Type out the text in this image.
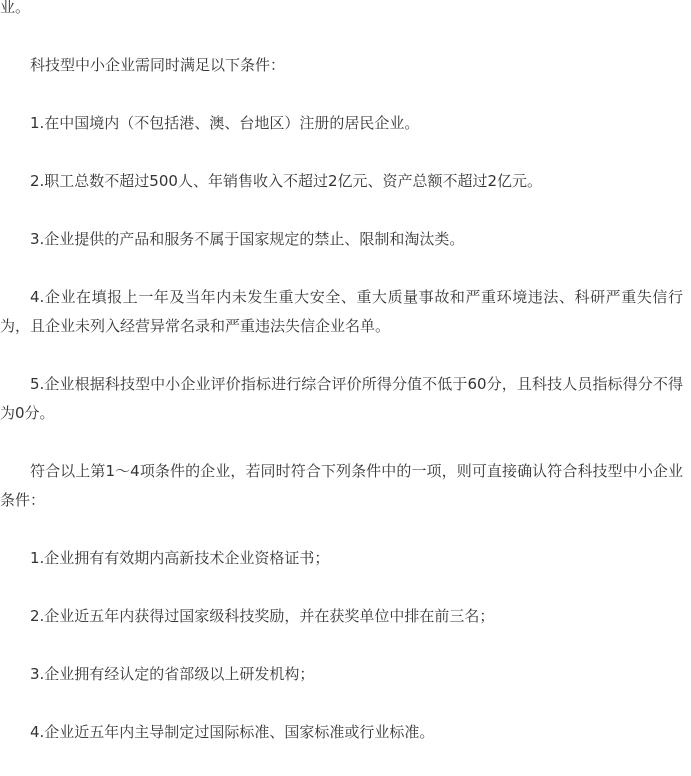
业。

科技型中小企业需同时满足以下条件：

1.在中国境内（不包括港、澳、台地区）注册的居民企业。

2.职工总数不超过500人、年销售收入不超过2亿元、资产总额不超过2亿元。

3.企业提供的产品和服务不属于国家规定的禁止、限制和淘汰类。

4.企业在填报上一年及当年内未发生重大安全、重大质量事故和严重环境违法、科研严重失信行为，且企业未列入经营异常名录和严重违法失信企业名单。

5.企业根据科技型中小企业评价指标进行综合评价所得分值不低于60分，且科技人员指标得分不得为0分。

符合以上第1～4项条件的企业，若同时符合下列条件中的一项，则可直接确认符合科技型中小企业条件：

1.企业拥有有效期内高新技术企业资格证书；

2.企业近五年内获得过国家级科技奖励，并在获奖单位中排在前三名；

3.企业拥有经认定的省部级以上研发机构；

4.企业近五年内主导制定过国际标准、国家标准或行业标准。
